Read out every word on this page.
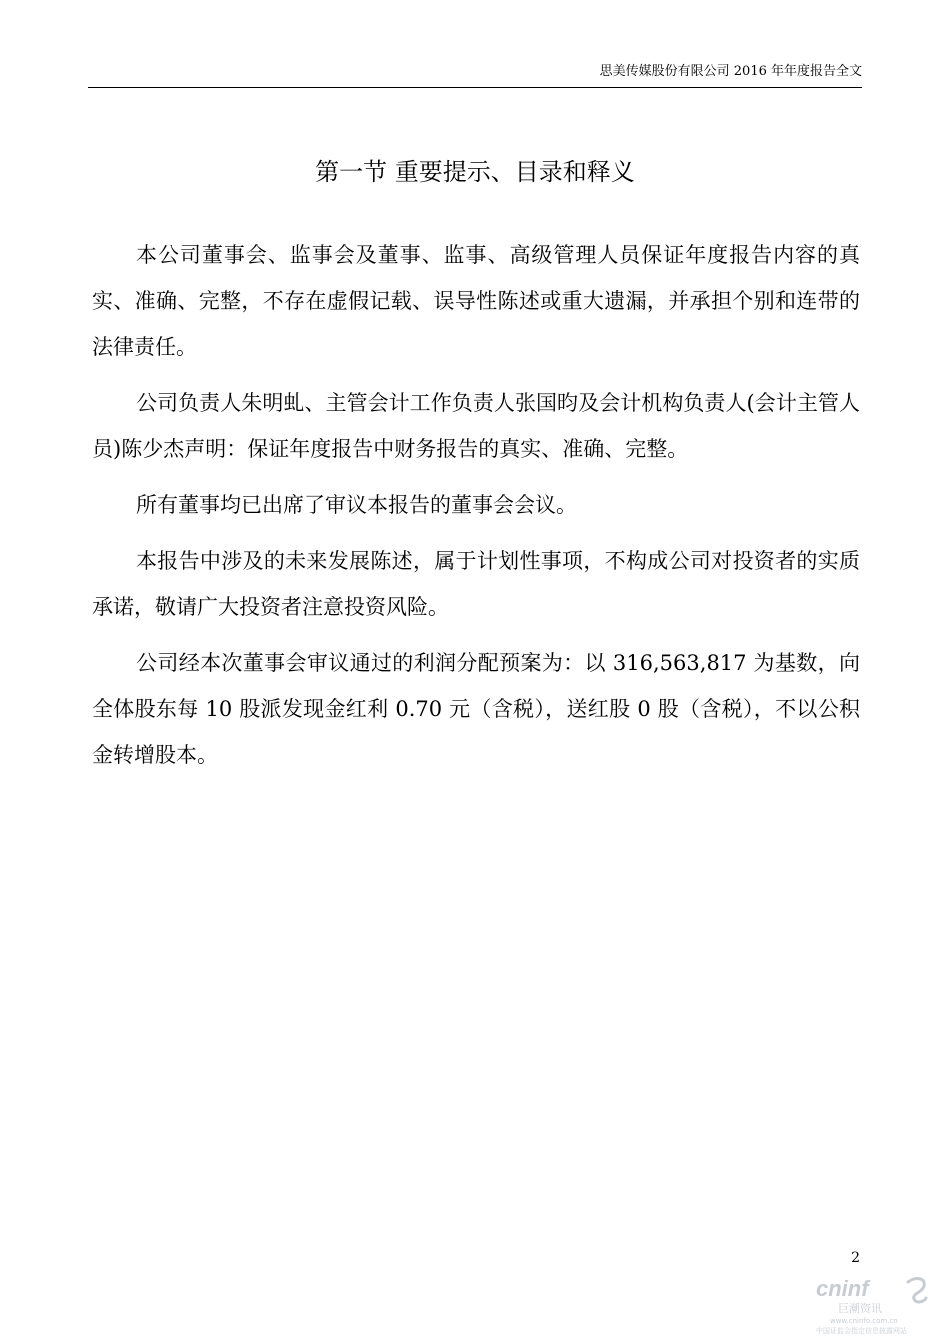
思美传媒股份有限公司 2016 年年度报告全文
第一节 重要提示、目录和释义

本公司董事会、监事会及董事、监事、高级管理人员保证年度报告内容的真实、准确、完整，不存在虚假记载、误导性陈述或重大遗漏，并承担个别和连带的法律责任。

公司负责人朱明虬、主管会计工作负责人张国昀及会计机构负责人(会计主管人员)陈少杰声明：保证年度报告中财务报告的真实、准确、完整。

所有董事均已出席了审议本报告的董事会会议。

本报告中涉及的未来发展陈述，属于计划性事项，不构成公司对投资者的实质承诺，敬请广大投资者注意投资风险。

公司经本次董事会审议通过的利润分配预案为：以 316,563,817 为基数，向全体股东每 10 股派发现金红利 0.70 元（含税），送红股 0 股（含税），不以公积金转增股本。

2
cninf
巨潮资讯
www.cninfo.com.cn
中国证监会指定信息披露网站
